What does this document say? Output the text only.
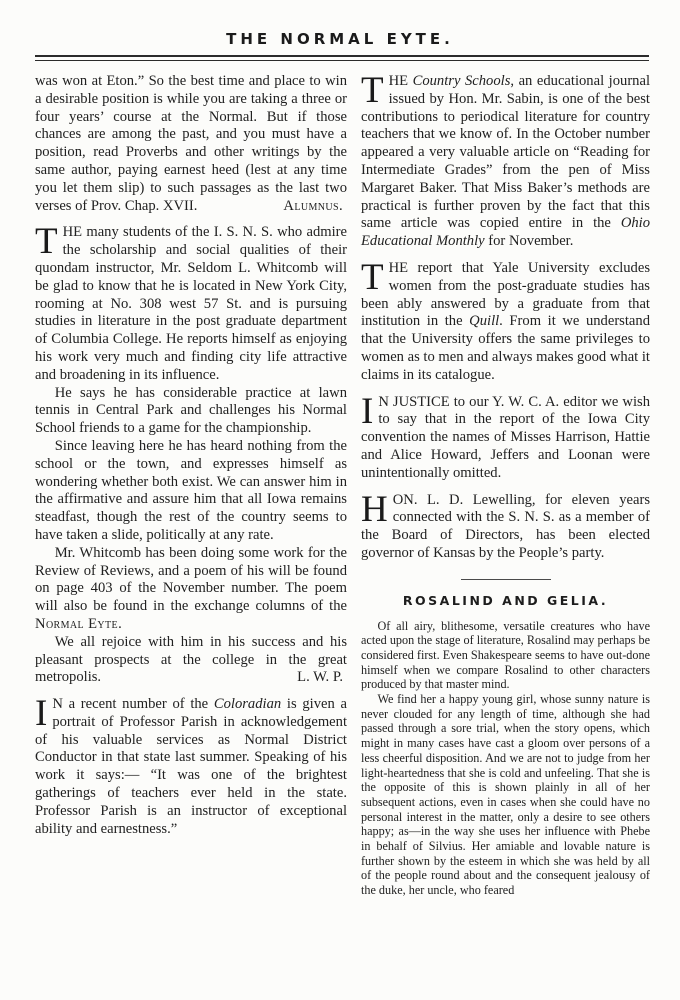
THE NORMAL EYTE.

was won at Eton.” So the best time and place to win a desirable position is while you are taking a three or four years’ course at the Normal. But if those chances are among the past, and you must have a position, read Proverbs and other writings by the same author, paying earnest heed (lest at any time you let them slip) to such passages as the last two verses of Prov. Chap. XVII.	Alumnus.

THE many students of the I. S. N. S. who admire the scholarship and social qualities of their quondam instructor, Mr. Seldom L. Whitcomb will be glad to know that he is located in New York City, rooming at No. 308 west 57 St. and is pursuing studies in literature in the post graduate department of Columbia College. He reports himself as enjoying his work very much and finding city life attractive and broadening in its influence.

He says he has considerable practice at lawn tennis in Central Park and challenges his Normal School friends to a game for the championship.

Since leaving here he has heard nothing from the school or the town, and expresses himself as wondering whether both exist. We can answer him in the affirmative and assure him that all Iowa remains steadfast, though the rest of the country seems to have taken a slide, politically at any rate.

Mr. Whitcomb has been doing some work for the Review of Reviews, and a poem of his will be found on page 403 of the November number. The poem will also be found in the exchange columns of the Normal Eyte.

We all rejoice with him in his success and his pleasant prospects at the college in the great metropolis.	L. W. P.

I N a recent number of the Coloradian is given a portrait of Professor Parish in acknowledgement of his valuable services as Normal District Conductor in that state last summer. Speaking of his work it says:— “It was one of the brightest gatherings of teachers ever held in the state. Professor Parish is an instructor of exceptional ability and earnestness.”

THE Country Schools, an educational journal issued by Hon. Mr. Sabin, is one of the best contributions to periodical literature for country teachers that we know of. In the October number appeared a very valuable article on “Reading for Intermediate Grades” from the pen of Miss Margaret Baker. That Miss Baker’s methods are practical is further proven by the fact that this same article was copied entire in the Ohio Educational Monthly for November.

THE report that Yale University excludes women from the post-graduate studies has been ably answered by a graduate from that institution in the Quill. From it we understand that the University offers the same privileges to women as to men and always makes good what it claims in its catalogue.

I N JUSTICE to our Y. W. C. A. editor we wish to say that in the report of the Iowa City convention the names of Misses Harrison, Hattie and Alice Howard, Jeffers and Loonan were unintentionally omitted.

HON. L. D. Lewelling, for eleven years connected with the S. N. S. as a member of the Board of Directors, has been elected governor of Kansas by the People’s party.

ROSALIND AND GELIA.

Of all airy, blithesome, versatile creatures who have acted upon the stage of literature, Rosalind may perhaps be considered first. Even Shakespeare seems to have out-done himself when we compare Rosalind to other characters produced by that master mind.

We find her a happy young girl, whose sunny nature is never clouded for any length of time, although she had passed through a sore trial, when the story opens, which might in many cases have cast a gloom over persons of a less cheerful disposition. And we are not to judge from her light-heartedness that she is cold and unfeeling. That she is the opposite of this is shown plainly in all of her subsequent actions, even in cases when she could have no personal interest in the matter, only a desire to see others happy; as—in the way she uses her influence with Phebe in behalf of Silvius. Her amiable and lovable nature is further shown by the esteem in which she was held by all of the people round about and the consequent jealousy of the duke, her uncle, who feared
